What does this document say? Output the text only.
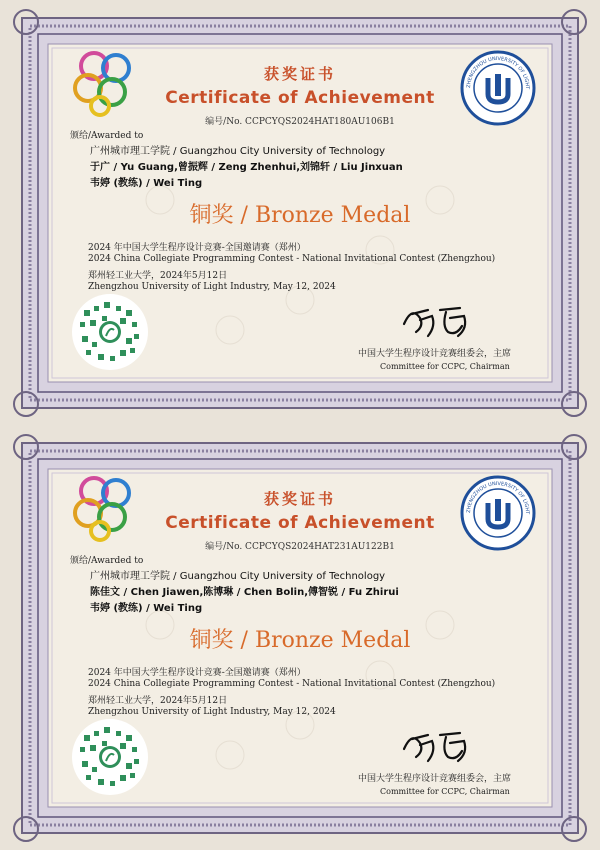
ZHENGZHOU UNIVERSITY OF LIGHT
获奖证书
Certificate of Achievement
编号/No. CCPCYQS2024HAT180AU106B1
颁给/Awarded to
广州城市理工学院 / Guangzhou City University of Technology
于广 / Yu Guang,曾振辉 / Zeng Zhenhui,刘锦轩 / Liu Jinxuan
韦婷 (教练) / Wei Ting
铜奖 / Bronze Medal
2024 年中国大学生程序设计竞赛-全国邀请赛（郑州）
2024 China Collegiate Programming Contest - National Invitational Contest (Zhengzhou)
郑州轻工业大学，2024年5月12日
Zhengzhou University of Light Industry, May 12, 2024
中国大学生程序设计竞赛组委会，主席
Committee for CCPC, Chairman
ZHENGZHOU UNIVERSITY OF LIGHT
获奖证书
Certificate of Achievement
编号/No. CCPCYQS2024HAT231AU122B1
颁给/Awarded to
广州城市理工学院 / Guangzhou City University of Technology
陈佳文 / Chen Jiawen,陈博琳 / Chen Bolin,傅智锐 / Fu Zhirui
韦婷 (教练) / Wei Ting
铜奖 / Bronze Medal
2024 年中国大学生程序设计竞赛-全国邀请赛（郑州）
2024 China Collegiate Programming Contest - National Invitational Contest (Zhengzhou)
郑州轻工业大学，2024年5月12日
Zhengzhou University of Light Industry, May 12, 2024
中国大学生程序设计竞赛组委会，主席
Committee for CCPC, Chairman
